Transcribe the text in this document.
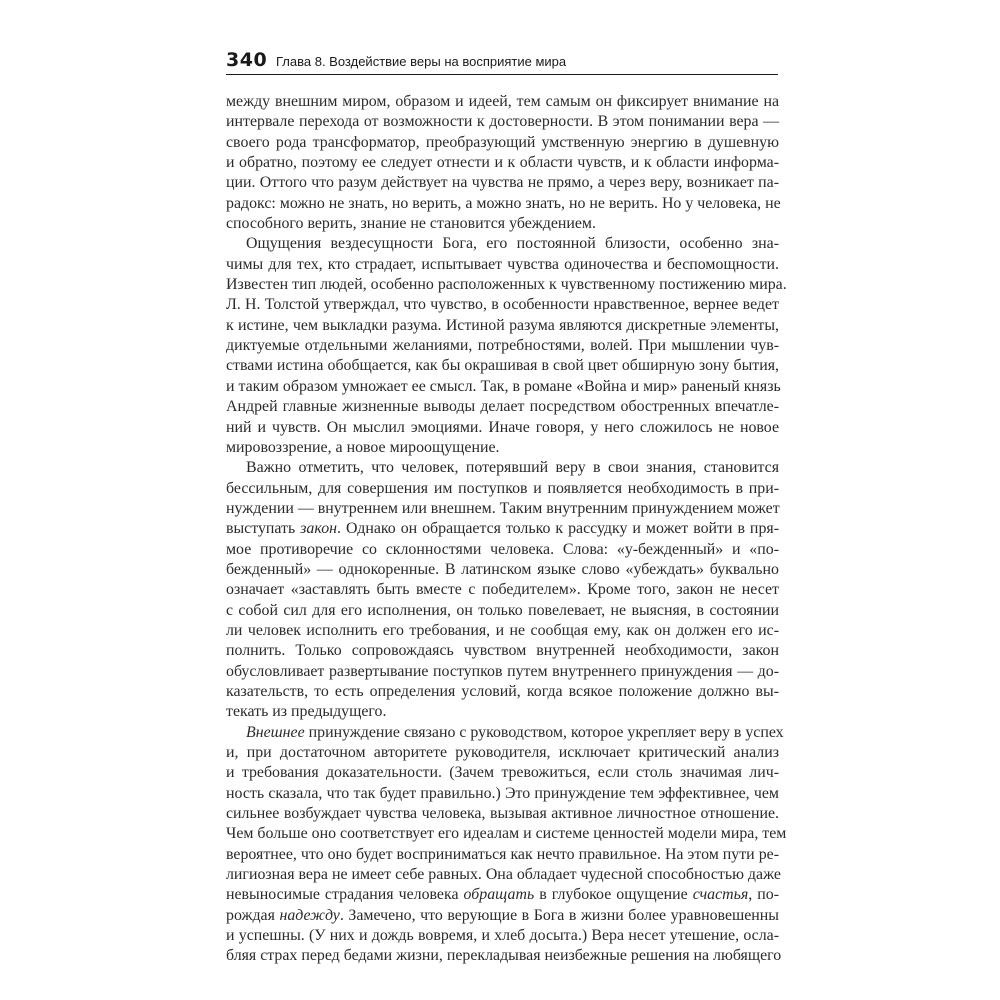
340 Глава 8. Воздействие веры на восприятие мира
между внешним миром, образом и идеей, тем самым он фиксирует внимание на
интервале перехода от возможности к достоверности. В этом понимании вера —
своего рода трансформатор, преобразующий умственную энергию в душевную
и обратно, поэтому ее следует отнести и к области чувств, и к области информа-
ции. Оттого что разум действует на чувства не прямо, а через веру, возникает па-
радокс: можно не знать, но верить, а можно знать, но не верить. Но у человека, не
способного верить, знание не становится убеждением.
Ощущения вездесущности Бога, его постоянной близости, особенно зна-
чимы для тех, кто страдает, испытывает чувства одиночества и беспомощности.
Известен тип людей, особенно расположенных к чувственному постижению мира.
Л. Н. Толстой утверждал, что чувство, в особенности нравственное, вернее ведет
к истине, чем выкладки разума. Истиной разума являются дискретные элементы,
диктуемые отдельными желаниями, потребностями, волей. При мышлении чув-
ствами истина обобщается, как бы окрашивая в свой цвет обширную зону бытия,
и таким образом умножает ее смысл. Так, в романе «Война и мир» раненый князь
Андрей главные жизненные выводы делает посредством обостренных впечатле-
ний и чувств. Он мыслил эмоциями. Иначе говоря, у него сложилось не новое
мировоззрение, а новое мироощущение.
Важно отметить, что человек, потерявший веру в свои знания, становится
бессильным, для совершения им поступков и появляется необходимость в при-
нуждении — внутреннем или внешнем. Таким внутренним принуждением может
выступать закон. Однако он обращается только к рассудку и может войти в пря-
мое противоречие со склонностями человека. Слова: «у-бежденный» и «по-
бежденный» — однокоренные. В латинском языке слово «убеждать» буквально
означает «заставлять быть вместе с победителем». Кроме того, закон не несет
с собой сил для его исполнения, он только повелевает, не выясняя, в состоянии
ли человек исполнить его требования, и не сообщая ему, как он должен его ис-
полнить. Только сопровождаясь чувством внутренней необходимости, закон
обусловливает развертывание поступков путем внутреннего принуждения — до-
казательств, то есть определения условий, когда всякое положение должно вы-
текать из предыдущего.
Внешнее принуждение связано с руководством, которое укрепляет веру в успех
и, при достаточном авторитете руководителя, исключает критический анализ
и требования доказательности. (Зачем тревожиться, если столь значимая лич-
ность сказала, что так будет правильно.) Это принуждение тем эффективнее, чем
сильнее возбуждает чувства человека, вызывая активное личностное отношение.
Чем больше оно соответствует его идеалам и системе ценностей модели мира, тем
вероятнее, что оно будет восприниматься как нечто правильное. На этом пути ре-
лигиозная вера не имеет себе равных. Она обладает чудесной способностью даже
невыносимые страдания человека обращать в глубокое ощущение счастья, по-
рождая надежду. Замечено, что верующие в Бога в жизни более уравновешенны
и успешны. (У них и дождь вовремя, и хлеб досыта.) Вера несет утешение, осла-
бляя страх перед бедами жизни, перекладывая неизбежные решения на любящего
